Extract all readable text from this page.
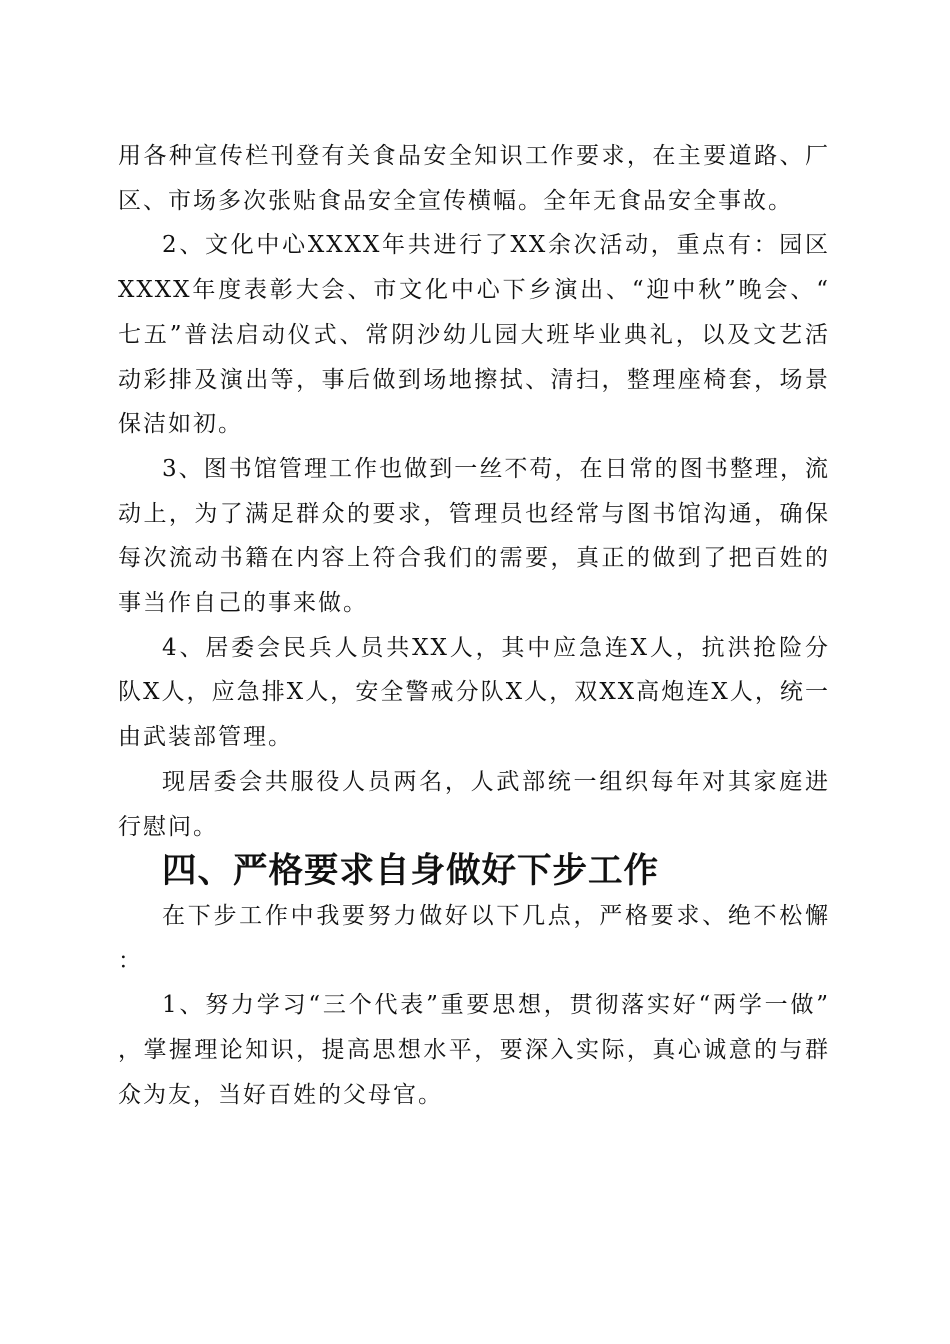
用各种宣传栏刊登有关食品安全知识工作要求，在主要道路、厂区、市场多次张贴食品安全宣传横幅。全年无食品安全事故。

2、文化中心XXXX年共进行了XX余次活动，重点有：园区XXXX年度表彰大会、市文化中心下乡演出、“迎中秋”晚会、“七五”普法启动仪式、常阴沙幼儿园大班毕业典礼，以及文艺活动彩排及演出等，事后做到场地擦拭、清扫，整理座椅套，场景保洁如初。

3、图书馆管理工作也做到一丝不苟，在日常的图书整理，流动上，为了满足群众的要求，管理员也经常与图书馆沟通，确保每次流动书籍在内容上符合我们的需要，真正的做到了把百姓的事当作自己的事来做。

4、居委会民兵人员共XX人，其中应急连X人，抗洪抢险分队X人，应急排X人，安全警戒分队X人，双XX高炮连X人，统一由武装部管理。

现居委会共服役人员两名，人武部统一组织每年对其家庭进行慰问。

四、严格要求自身做好下步工作

在下步工作中我要努力做好以下几点，严格要求、绝不松懈：

1、努力学习“三个代表”重要思想，贯彻落实好“两学一做”，掌握理论知识，提高思想水平，要深入实际，真心诚意的与群众为友，当好百姓的父母官。
